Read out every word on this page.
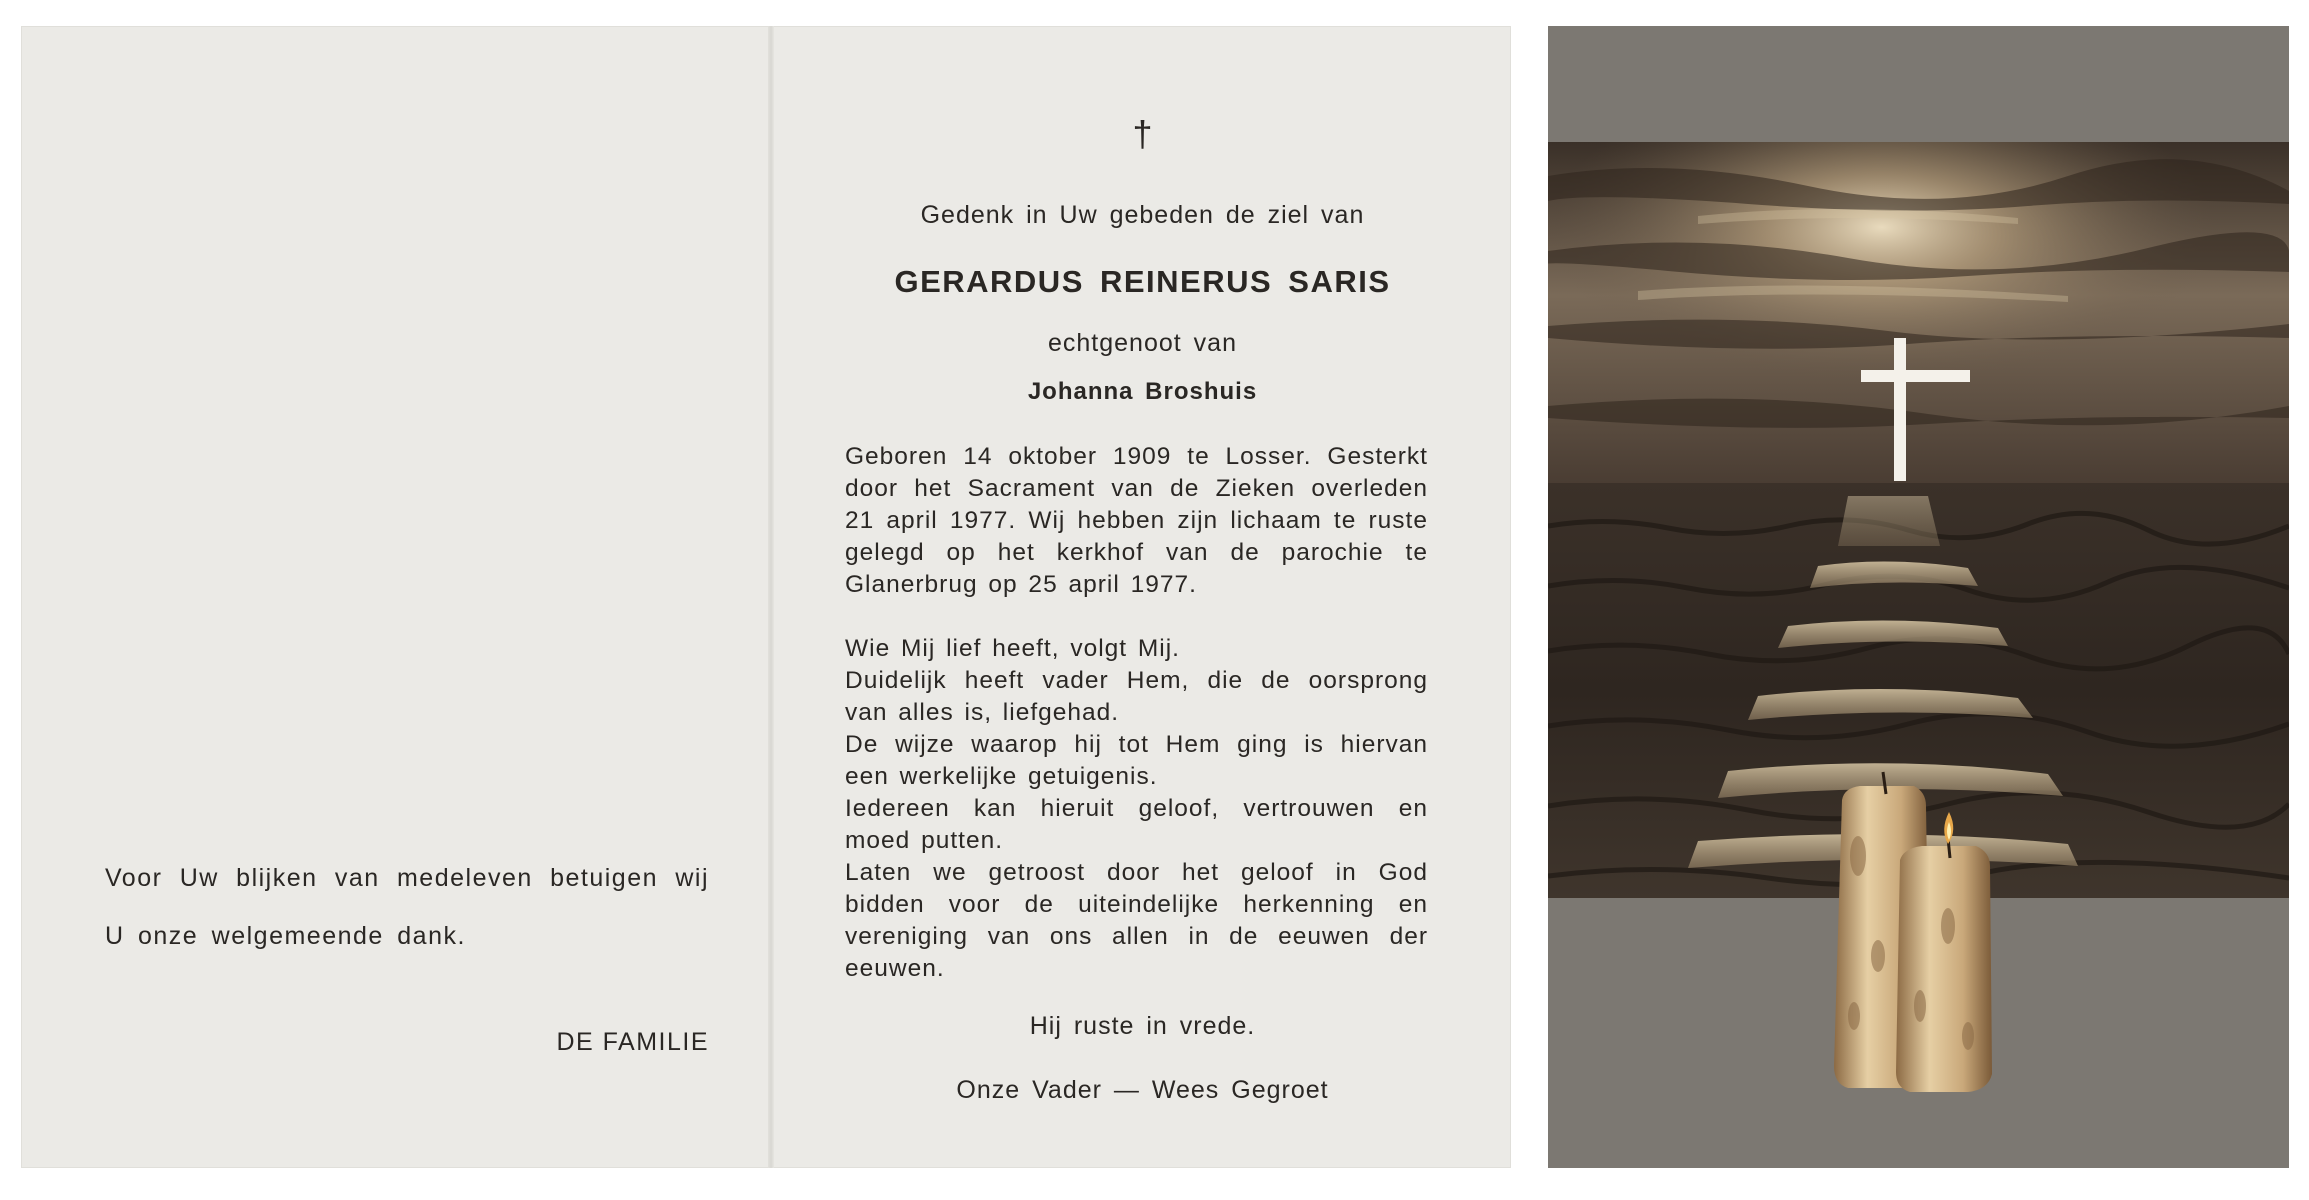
Voor Uw blijken van medeleven betuigen wij
U onze welgemeende dank.
DE FAMILIE
†
Gedenk in Uw gebeden de ziel van
GERARDUS REINERUS SARIS
echtgenoot van
Johanna Broshuis
Geboren 14 oktober 1909 te Losser. Gesterkt
door het Sacrament van de Zieken overleden
21 april 1977. Wij hebben zijn lichaam te ruste
gelegd op het kerkhof van de parochie te
Glanerbrug op 25 april 1977.
Wie Mij lief heeft, volgt Mij.
Duidelijk heeft vader Hem, die de oorsprong
van alles is, liefgehad.
De wijze waarop hij tot Hem ging is hiervan
een werkelijke getuigenis.
Iedereen kan hieruit geloof, vertrouwen en
moed putten.
Laten we getroost door het geloof in God
bidden voor de uiteindelijke herkenning en
vereniging van ons allen in de eeuwen der
eeuwen.
Hij ruste in vrede.
Onze Vader — Wees Gegroet
